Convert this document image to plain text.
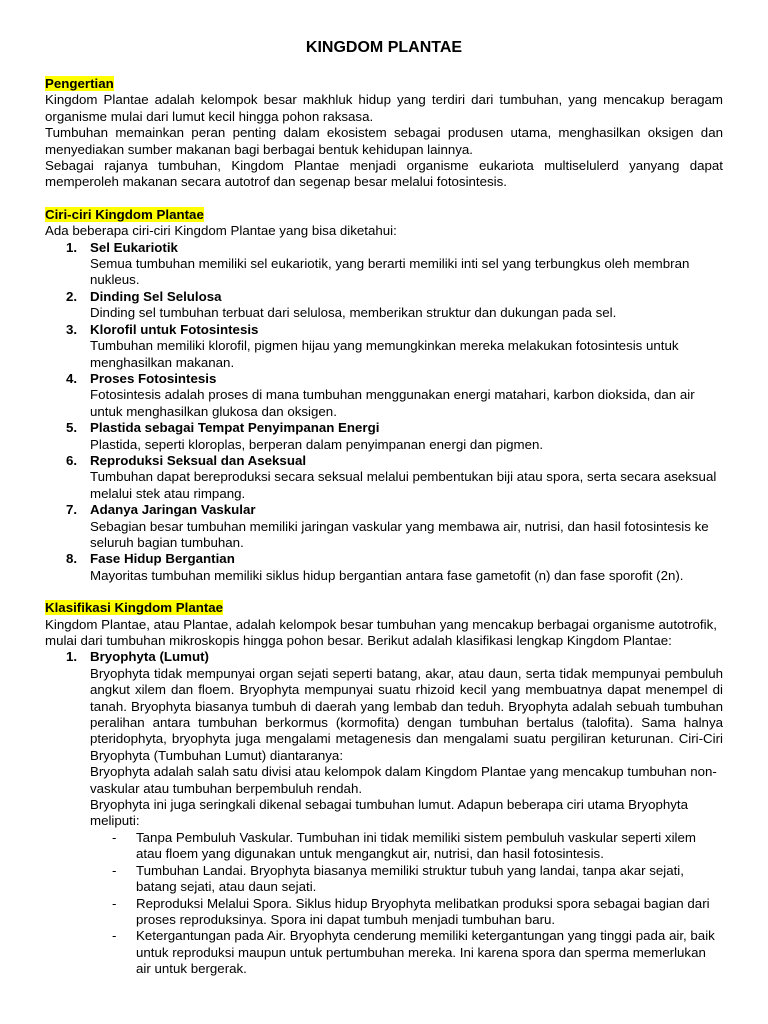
KINGDOM PLANTAE

Pengertian

Kingdom Plantae adalah kelompok besar makhluk hidup yang terdiri dari tumbuhan, yang mencakup beragam organisme mulai dari lumut kecil hingga pohon raksasa.

Tumbuhan memainkan peran penting dalam ekosistem sebagai produsen utama, menghasilkan oksigen dan menyediakan sumber makanan bagi berbagai bentuk kehidupan lainnya.

Sebagai rajanya tumbuhan, Kingdom Plantae menjadi organisme eukariota multiselulerd yanyang dapat memperoleh makanan secara autotrof dan segenap besar melalui fotosintesis.

Ciri-ciri Kingdom Plantae

Ada beberapa ciri-ciri Kingdom Plantae yang bisa diketahui:

1. Sel Eukariotik
Semua tumbuhan memiliki sel eukariotik, yang berarti memiliki inti sel yang terbungkus oleh membran nukleus.
2. Dinding Sel Selulosa
Dinding sel tumbuhan terbuat dari selulosa, memberikan struktur dan dukungan pada sel.
3. Klorofil untuk Fotosintesis
Tumbuhan memiliki klorofil, pigmen hijau yang memungkinkan mereka melakukan fotosintesis untuk menghasilkan makanan.
4. Proses Fotosintesis
Fotosintesis adalah proses di mana tumbuhan menggunakan energi matahari, karbon dioksida, dan air untuk menghasilkan glukosa dan oksigen.
5. Plastida sebagai Tempat Penyimpanan Energi
Plastida, seperti kloroplas, berperan dalam penyimpanan energi dan pigmen.
6. Reproduksi Seksual dan Aseksual
Tumbuhan dapat bereproduksi secara seksual melalui pembentukan biji atau spora, serta secara aseksual melalui stek atau rimpang.
7. Adanya Jaringan Vaskular
Sebagian besar tumbuhan memiliki jaringan vaskular yang membawa air, nutrisi, dan hasil fotosintesis ke seluruh bagian tumbuhan.
8. Fase Hidup Bergantian
Mayoritas tumbuhan memiliki siklus hidup bergantian antara fase gametofit (n) dan fase sporofit (2n).

Klasifikasi Kingdom Plantae

Kingdom Plantae, atau Plantae, adalah kelompok besar tumbuhan yang mencakup berbagai organisme autotrofik, mulai dari tumbuhan mikroskopis hingga pohon besar. Berikut adalah klasifikasi lengkap Kingdom Plantae:

1. Bryophyta (Lumut)
Bryophyta tidak mempunyai organ sejati seperti batang, akar, atau daun, serta tidak mempunyai pembuluh angkut xilem dan floem. Bryophyta mempunyai suatu rhizoid kecil yang membuatnya dapat menempel di tanah. Bryophyta biasanya tumbuh di daerah yang lembab dan teduh. Bryophyta adalah sebuah tumbuhan peralihan antara tumbuhan berkormus (kormofita) dengan tumbuhan bertalus (talofita). Sama halnya pteridophyta, bryophyta juga mengalami metagenesis dan mengalami suatu pergiliran keturunan. Ciri-Ciri Bryophyta (Tumbuhan Lumut) diantaranya:
Bryophyta adalah salah satu divisi atau kelompok dalam Kingdom Plantae yang mencakup tumbuhan non-vaskular atau tumbuhan berpembuluh rendah.
Bryophyta ini juga seringkali dikenal sebagai tumbuhan lumut. Adapun beberapa ciri utama Bryophyta meliputi:
- Tanpa Pembuluh Vaskular. Tumbuhan ini tidak memiliki sistem pembuluh vaskular seperti xilem atau floem yang digunakan untuk mengangkut air, nutrisi, dan hasil fotosintesis.
- Tumbuhan Landai. Bryophyta biasanya memiliki struktur tubuh yang landai, tanpa akar sejati, batang sejati, atau daun sejati.
- Reproduksi Melalui Spora. Siklus hidup Bryophyta melibatkan produksi spora sebagai bagian dari proses reproduksinya. Spora ini dapat tumbuh menjadi tumbuhan baru.
- Ketergantungan pada Air. Bryophyta cenderung memiliki ketergantungan yang tinggi pada air, baik untuk reproduksi maupun untuk pertumbuhan mereka. Ini karena spora dan sperma memerlukan air untuk bergerak.
